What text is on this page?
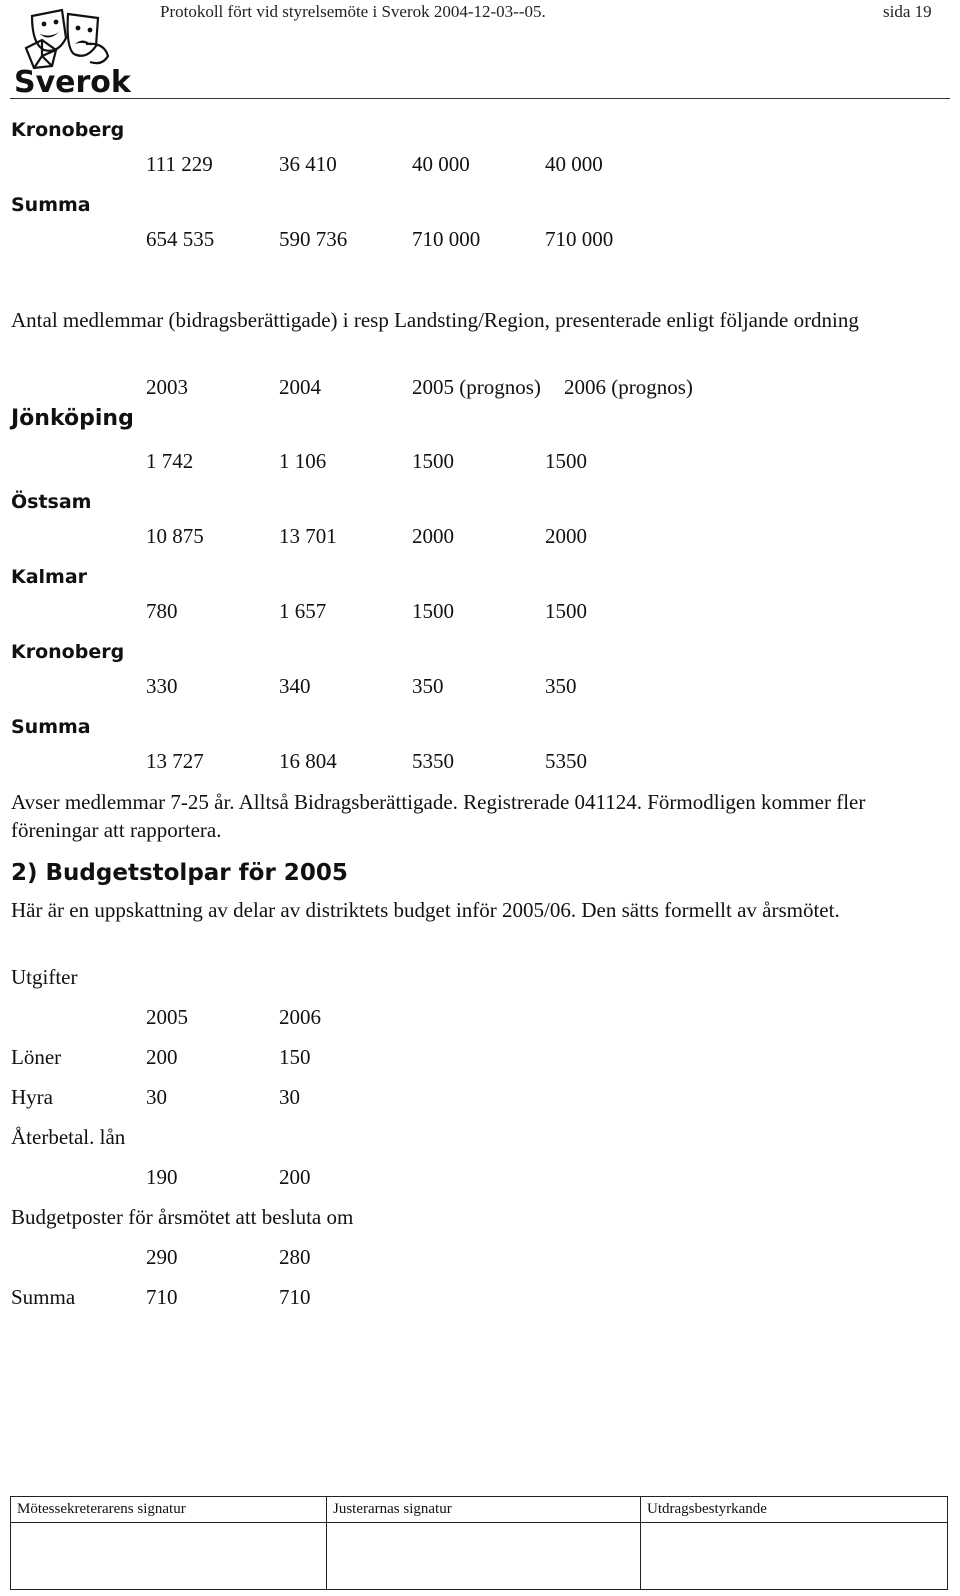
Sverok
Protokoll fört vid styrelsemöte i Sverok 2004-12-03--05.	sida 19
Kronoberg
111 229	36 410	40 000	40 000
Summa
654 535	590 736	710 000	710 000
Antal medlemmar (bidragsberättigade) i resp Landsting/Region, presenterade enligt följande ordning
2003	2004	2005 (prognos) 2006 (prognos)
Jönköping
1 742	1 106	1500	1500
Östsam
10 875	13 701	2000	2000
Kalmar
780	1 657	1500	1500
Kronoberg
330	340	350	350
Summa
13 727	16 804	5350	5350
Avser medlemmar 7-25 år. Alltså Bidragsberättigade. Registrerade 041124. Förmodligen kommer fler föreningar att rapportera.
2) Budgetstolpar för 2005
Här är en uppskattning av delar av distriktets budget inför 2005/06. Den sätts formellt av årsmötet.
Utgifter
2005	2006
Löner	200	150
Hyra	30	30
Återbetal. lån
190	200
Budgetposter för årsmötet att besluta om
290	280
Summa	710	710
Mötessekreterarens signatur	Justerarnas signatur	Utdragsbestyrkande
